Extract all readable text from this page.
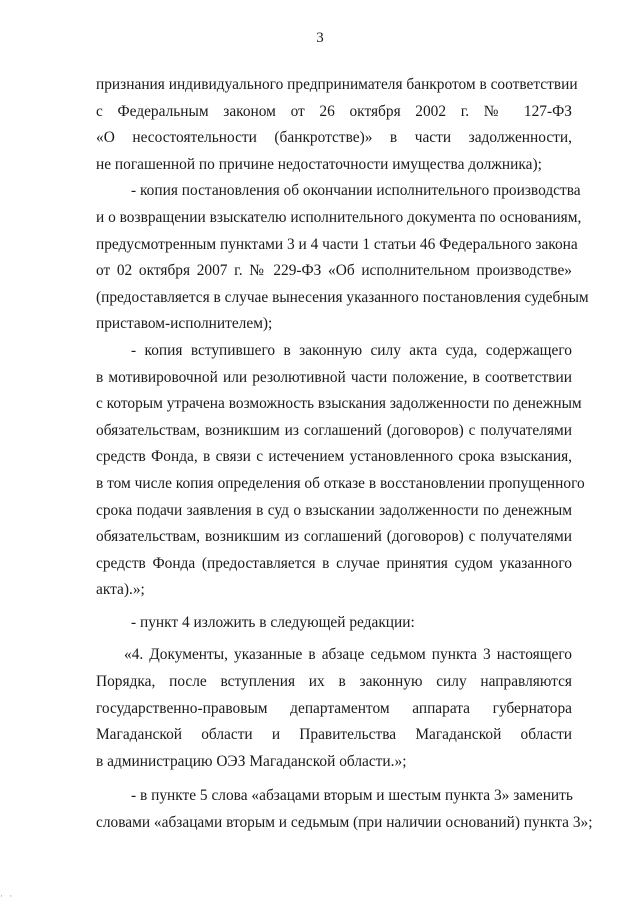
3
признания индивидуального предпринимателя банкротом в соответствии
с Федеральным законом от 26 октября 2002 г. № 127-ФЗ
«О несостоятельности (банкротстве)» в части задолженности,
не погашенной по причине недостаточности имущества должника);
- копия постановления об окончании исполнительного производства
и о возвращении взыскателю исполнительного документа по основаниям,
предусмотренным пунктами 3 и 4 части 1 статьи 46 Федерального закона
от 02 октября 2007 г. № 229-ФЗ «Об исполнительном производстве»
(предоставляется в случае вынесения указанного постановления судебным
приставом-исполнителем);
- копия вступившего в законную силу акта суда, содержащего
в мотивировочной или резолютивной части положение, в соответствии
с которым утрачена возможность взыскания задолженности по денежным
обязательствам, возникшим из соглашений (договоров) с получателями
средств Фонда, в связи с истечением установленного срока взыскания,
в том числе копия определения об отказе в восстановлении пропущенного
срока подачи заявления в суд о взыскании задолженности по денежным
обязательствам, возникшим из соглашений (договоров) с получателями
средств Фонда (предоставляется в случае принятия судом указанного
акта).»;
- пункт 4 изложить в следующей редакции:
«4. Документы, указанные в абзаце седьмом пункта 3 настоящего
Порядка, после вступления их в законную силу направляются
государственно-правовым департаментом аппарата губернатора
Магаданской области и Правительства Магаданской области
в администрацию ОЭЗ Магаданской области.»;
- в пункте 5 слова «абзацами вторым и шестым пункта 3» заменить
словами «абзацами вторым и седьмым (при наличии оснований) пункта 3»;
· ·
